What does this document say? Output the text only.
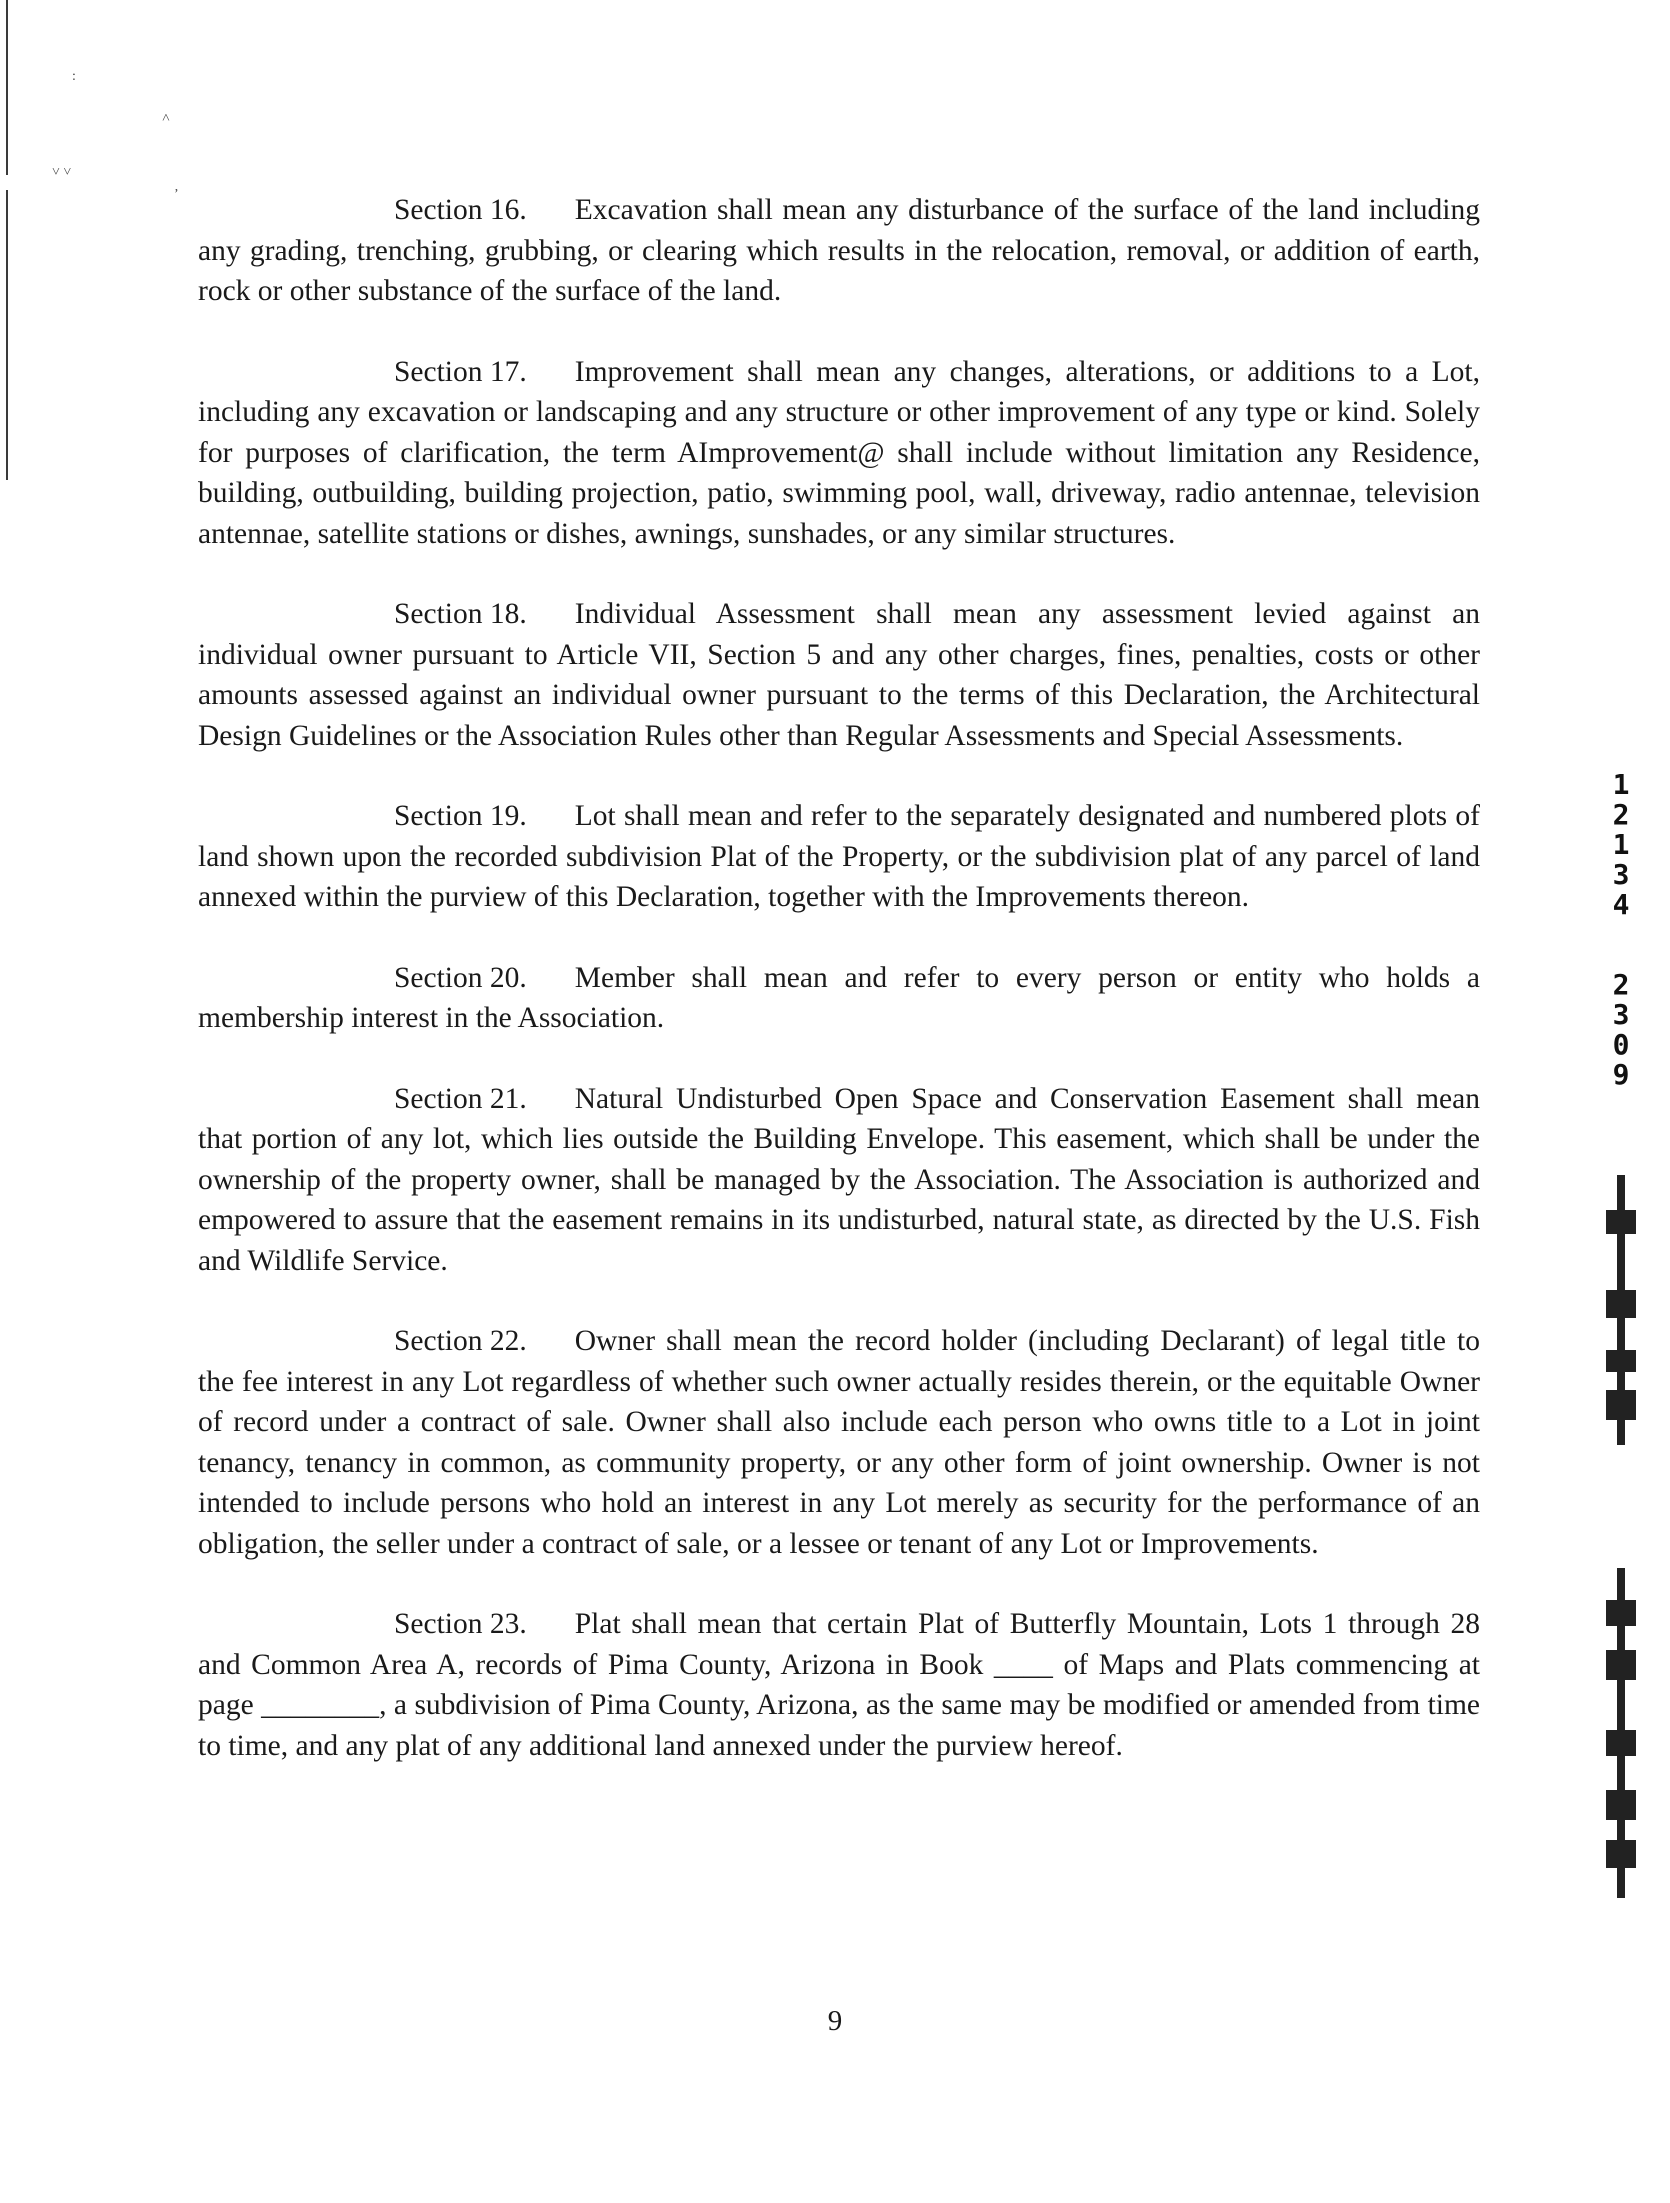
:
˄
˅ ˅
ʼ	Section 16. Excavation shall mean any disturbance of the surface of the land including any grading, trenching, grubbing, or clearing which results in the relocation, removal, or addition of earth, rock or other substance of the surface of the land.

Section 17. Improvement shall mean any changes, alterations, or additions to a Lot, including any excavation or landscaping and any structure or other improvement of any type or kind. Solely for purposes of clarification, the term AImprovement@ shall include without limitation any Residence, building, outbuilding, building projection, patio, swimming pool, wall, driveway, radio antennae, television antennae, satellite stations or dishes, awnings, sunshades, or any similar structures.

Section 18. Individual Assessment shall mean any assessment levied against an individual owner pursuant to Article VII, Section 5 and any other charges, fines, penalties, costs or other amounts assessed against an individual owner pursuant to the terms of this Declaration, the Architectural Design Guidelines or the Association Rules other than Regular Assessments and Special Assessments.

Section 19. Lot shall mean and refer to the separately designated and numbered plots of land shown upon the recorded subdivision Plat of the Property, or the subdivision plat of any parcel of land annexed within the purview of this Declaration, together with the Improvements thereon.

Section 20. Member shall mean and refer to every person or entity who holds a membership interest in the Association.

Section 21. Natural Undisturbed Open Space and Conservation Easement shall mean that portion of any lot, which lies outside the Building Envelope. This easement, which shall be under the ownership of the property owner, shall be managed by the Association. The Association is authorized and empowered to assure that the easement remains in its undisturbed, natural state, as directed by the U.S. Fish and Wildlife Service.

Section 22. Owner shall mean the record holder (including Declarant) of legal title to the fee interest in any Lot regardless of whether such owner actually resides therein, or the equitable Owner of record under a contract of sale. Owner shall also include each person who owns title to a Lot in joint tenancy, tenancy in common, as community property, or any other form of joint ownership. Owner is not intended to include persons who hold an interest in any Lot merely as security for the performance of an obligation, the seller under a contract of sale, or a lessee or tenant of any Lot or Improvements.

Section 23. Plat shall mean that certain Plat of Butterfly Mountain, Lots 1 through 28 and Common Area A, records of Pima County, Arizona in Book ____ of Maps and Plats commencing at page ________, a subdivision of Pima County, Arizona, as the same may be modified or amended from time to time, and any plat of any additional land annexed under the purview hereof.

1
2
1
3
4
2
3
0
9
9
